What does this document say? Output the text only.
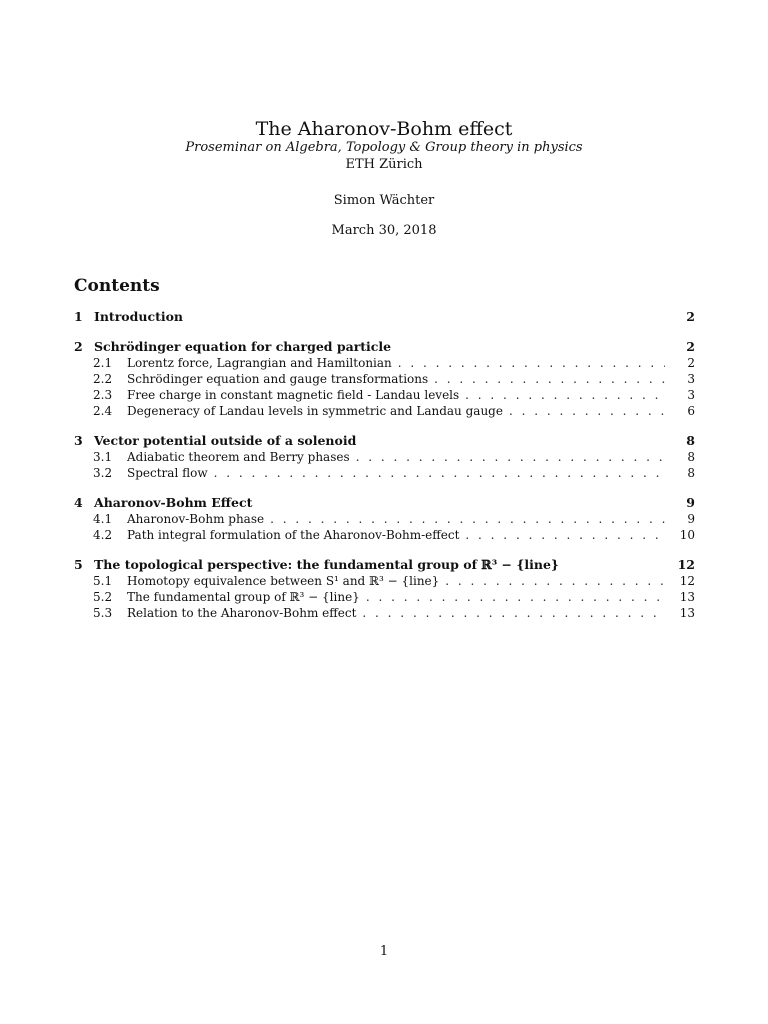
The Aharonov-Bohm effect
Proseminar on Algebra, Topology & Group theory in physics
ETH Zürich
Simon Wächter
March 30, 2018
Contents
1 Introduction	2
2 Schrödinger equation for charged particle	2
2.1	Lorentz force, Lagrangian and Hamiltonian . . .	2
2.2	Schrödinger equation and gauge transformations . . .	3
2.3	Free charge in constant magnetic field - Landau levels . . .	3
2.4	Degeneracy of Landau levels in symmetric and Landau gauge . . .	6
3 Vector potential outside of a solenoid	8
3.1	Adiabatic theorem and Berry phases . . .	8
3.2	Spectral flow . . .	8
4 Aharonov-Bohm Effect	9
4.1	Aharonov-Bohm phase . . .	9
4.2	Path integral formulation of the Aharonov-Bohm-effect . . .	10
5 The topological perspective: the fundamental group of ℝ³ − {line}	12
5.1	Homotopy equivalence between S¹ and ℝ³ − {line} . . .	12
5.2	The fundamental group of ℝ³ − {line} . . .	13
5.3	Relation to the Aharonov-Bohm effect . . .	13
1
